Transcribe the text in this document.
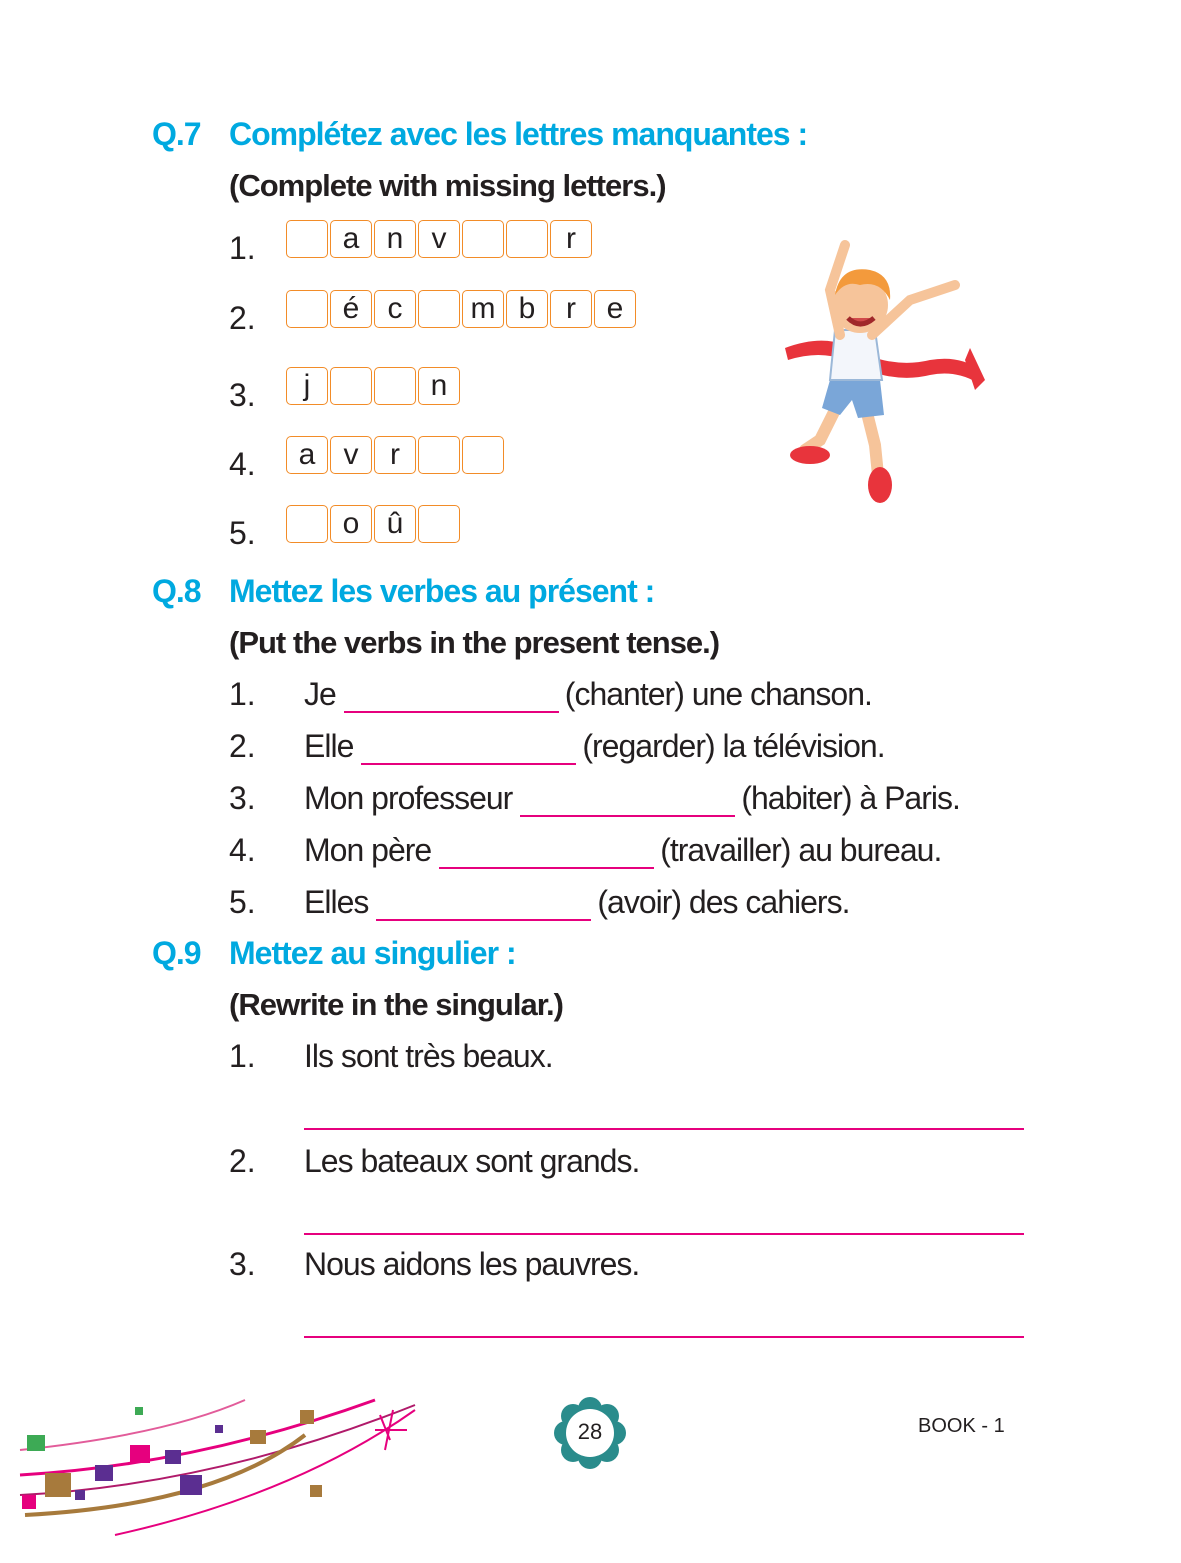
Q.7 Complétez avec les lettres manquantes :
(Complete with missing letters.)
1.	a n v	r
2.	é c	m b	r	e
3.	j	n
4.	a v	r
5.	o û
Q.8 Mettez les verbes au présent :
(Put the verbs in the present tense.)
1. Je	(chanter) une chanson.
2. Elle	(regarder) la télévision.
3. Mon professeur	(habiter) à Paris.
4. Mon père	(travailler) au bureau.
5. Elles	(avoir) des cahiers.
Q.9 Mettez au singulier :
(Rewrite in the singular.)
1. Ils sont très beaux.
2. Les bateaux sont grands.
3. Nous aidons les pauvres.
28	BOOK - 1
